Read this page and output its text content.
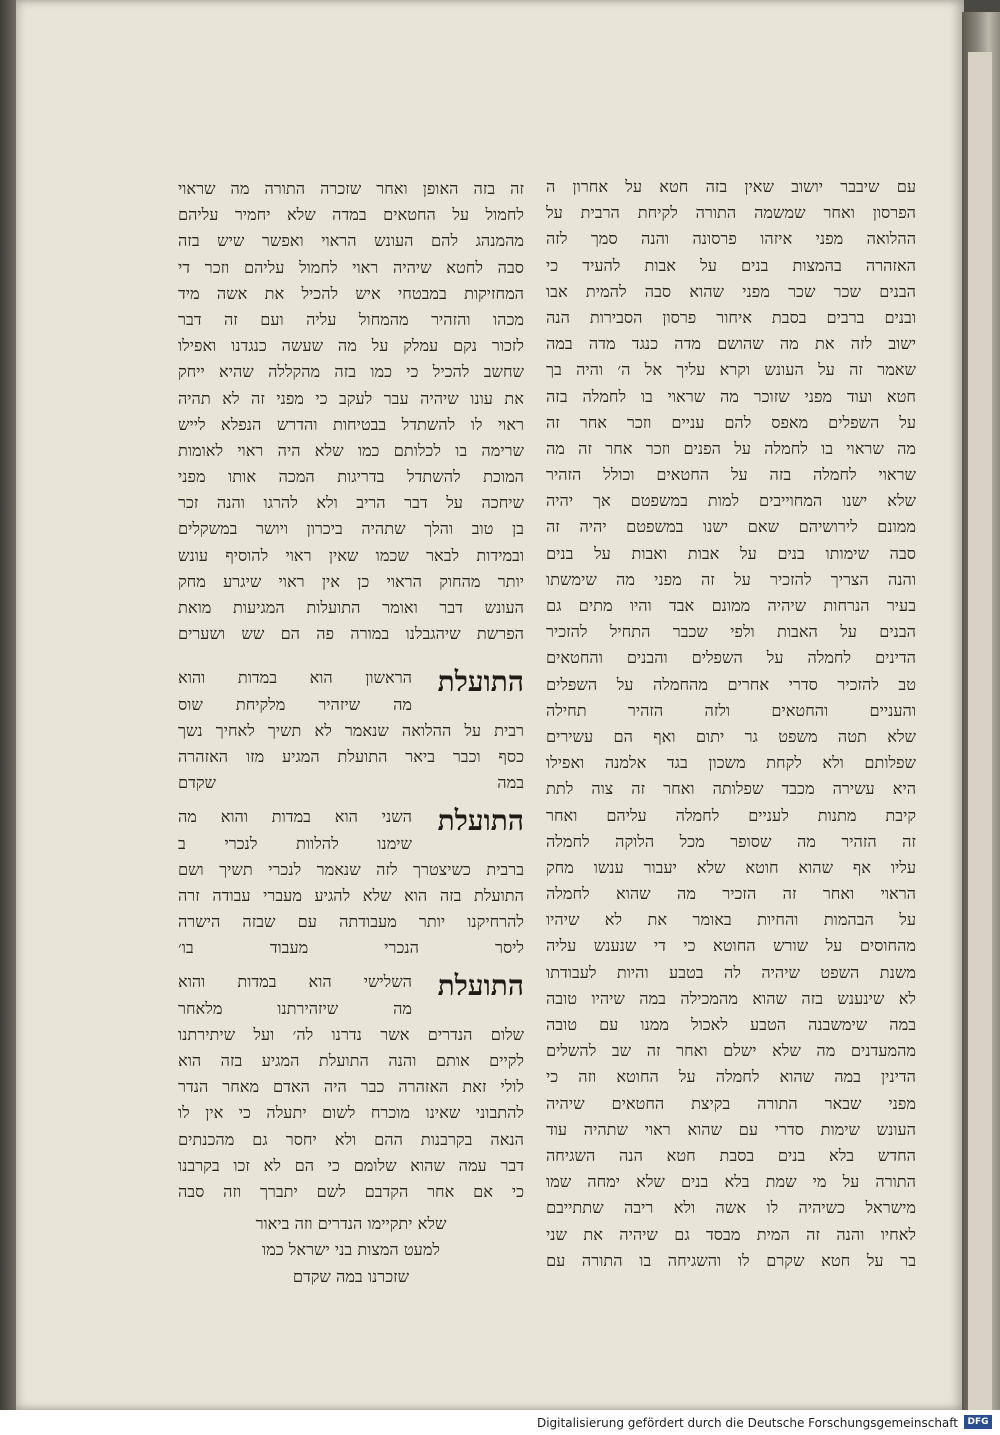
עם שיבבר יושוב שאין בזה חטא על אחרון ה
הפרסון ואחר שמשמה התורה לקיחת הרבית על
ההלואה מפני איזהו פרסונה והנה סמך לזה
האזהרה בהמצות בנים על אבות להעיד כי
הבנים שכר שכר מפני שהוא סבה להמית אבו
ובנים ברבים בסבת איחור פרסון הסבירות הנה
ישוב לזה את מה שהושם מדה כנגד מדה במה
שאמר זה על העונש וקרא עליך אל ה׳ והיה בך
חטא ועוד מפני שזוכר מה שראוי בו לחמלה בזה
על השפלים מאפס להם עניים וזכר אחר זה
מה שראוי בו לחמלה על הפנים וזכר אחר זה מה
שראוי לחמלה בזה על החטאים וכולל הזהיר
שלא ישנו המחוייבים למות במשפטם אך יהיה
ממונם לירושיהם שאם ישנו במשפטם יהיה זה
סבה שימותו בנים על אבות ואבות על בנים
והנה הצריך להזכיר על זה מפני מה שימשתו
בעיר הנרחות שיהיה ממונם אבד והיו מתים גם
הבנים על האבות ולפי שכבר התחיל להזכיר
הדינים לחמלה על השפלים והבנים והחטאים
טב להזכיר סדרי אחרים מהחמלה על השפלים
והעניים והחטאים ולזה הזהיר תחילה
שלא תטה משפט גר יתום ואף הם עשירים
שפלותם ולא לקחת משכון בגד אלמנה ואפילו
היא עשירה מכבד שפלותה ואחר זה צוה לתת
קיבת מתנות לעניים לחמלה עליהם ואחר
זה הזהיר מה שסופר מכל הלוקה לחמלה
עליו אף שהוא חוטא שלא יעבור ענשו מחק
הראוי ואחר זה הזכיר מה שהוא לחמלה
על הבהמות והחיות באומר את לא שיהיו
מהחוסים על שורש החוטא כי די שנענש עליה
משנת השפט שיהיה לה בטבע והיות לעבודתו
לא שינענש בזה שהוא מהמכילה במה שיהיו טובה
במה שימשבנה הטבע לאכול ממנו עם טובה
מהמעדנים מה שלא ישלם ואחר זה שב להשלים
הדינין במה שהוא לחמלה על החוטא וזה כי
מפני שבאר התורה בקיצת החטאים שיהיה
העונש שימות סדרי עם שהוא ראוי שתהיה עוד
החדש בלא בנים בסבת חטא הנה השגיחה
התורה על מי שמת בלא בנים שלא ימחה שמו
מישראל כשיהיה לו אשה ולא ריבה שתתייבם
לאחיו והנה זה המית מבסד גם שיהיה את שני
בר על חטא שקרם לו והשגיחה בו התורה עם
זה בזה האופן ואחר שזכרה התורה מה שראוי
לחמול על החטאים במדה שלא יחמיר עליהם
מהמנהג להם העונש הראוי ואפשר שיש בזה
סבה לחטא שיהיה ראוי לחמול עליהם וזכר די
המחזיקות במבטחי איש להכיל את אשה מיד
מכהו והזהיר מהמחול עליה ועם זה דבר
לזכור נקם עמלק על מה שעשה כנגדנו ואפילו
שחשב להכיל כי כמו בזה מהקללה שהיא ייחק
את עונו שיהיה עבר לעקב כי מפני זה לא תהיה
ראוי לו להשתדל בבטיחות והדרש הנפלא לייש
שרימה בו לכלותם כמו שלא היה ראוי לאומות
המוכת להשתדל בדריגות המכה אותו מפני
שיחכה על דבר הריב ולא להרגו והנה זכר
בן טוב והלך שתהיה ביכרון ויושר במשקלים
ובמידות לבאר שכמו שאין ראוי להוסיף עונש
יותר מהחוק הראוי כן אין ראוי שיגרע מחק
העונש דבר ואומר התועלות המגיעות מואת
הפרשת שיהגבלנו במורה פה הם שש ושערים
התועלת
הראשון הוא במדות והוא
מה שיזהיר מלקיחת שוס
רבית על ההלואה שנאמר לא תשיך לאחיך נשך
כסף וכבר ביאר התועלת המגיע מזו האזהרה
במה שקדם
התועלת
השני הוא במדות והוא מה
שימנו להלוות לנכרי ב
ברבית כשיצטרך לזה שנאמר לנכרי תשיך ושם
התועלת בזה הוא שלא להגיע מעברי עבודה זרה
להרחיקנו יותר מעבודתה עם שבזה הישרה
ליסר הנכרי מעבוד בו׳
התועלת
השלישי הוא במדות והוא
מה שיזהירתנו מלאחר
שלום הנדרים אשר נדרנו לה׳ ועל שיתירתנו
לקיים אותם והנה התועלת המגיע בזה הוא
לולי זאת האזהרה כבר היה האדם מאחר הנדר
להתבוני שאינו מוכרח לשום יתעלה כי אין לו
הנאה בקרבנות ההם ולא יחסר גם מהכנתים
דבר עמה שהוא שלומם כי הם לא זכו בקרבנו
כי אם אחר הקדבם לשם יתברך וזה סבה
שלא יתקיימו הנדרים וזה ביאור
למעט המצות בני ישראל כמו
שזכרנו במה שקדם
Digitalisierung gefördert durch die Deutsche Forschungsgemeinschaft	DFG
